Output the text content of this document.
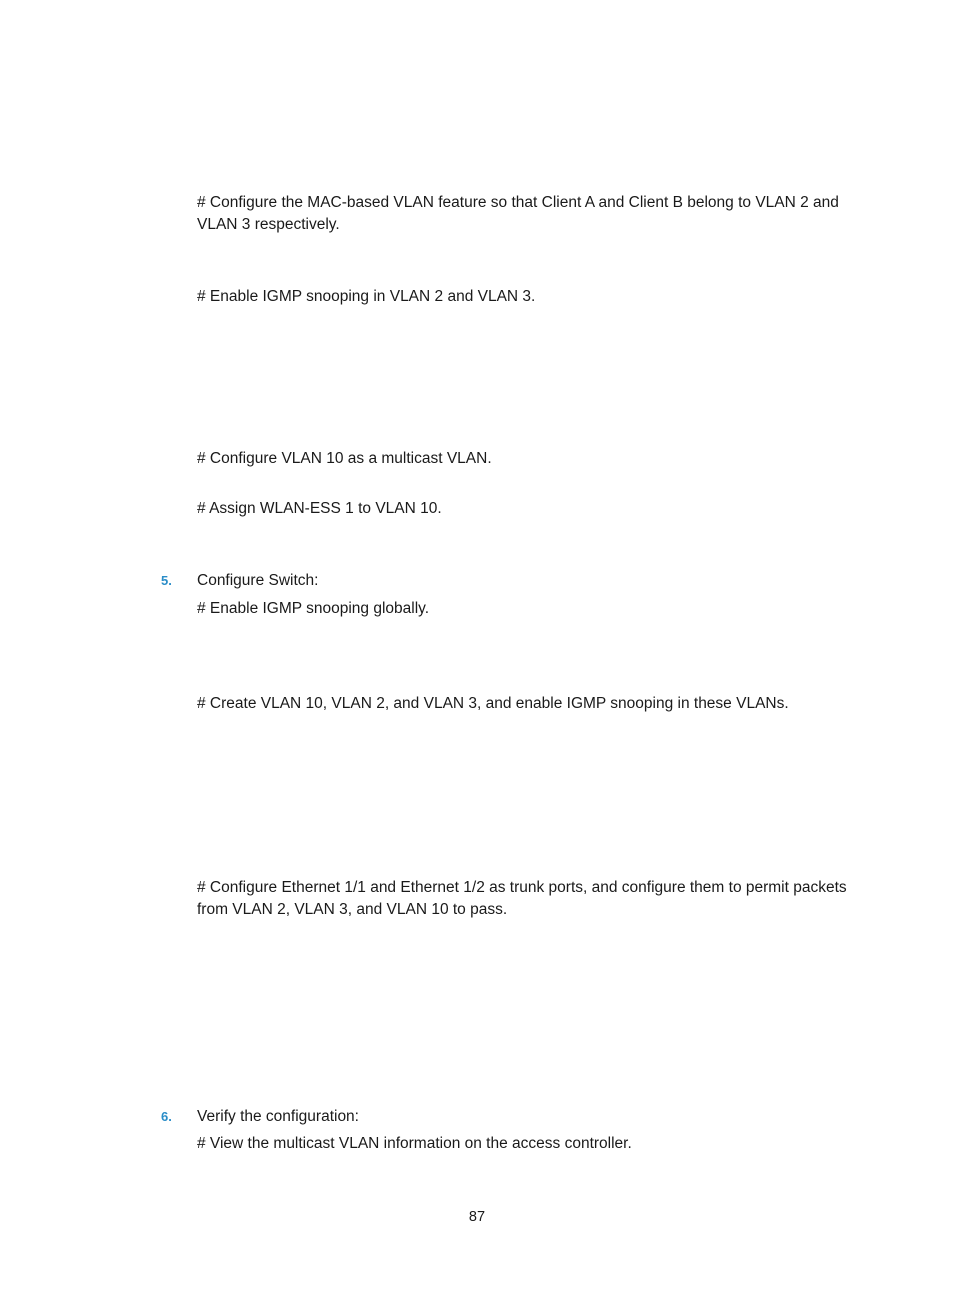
# Configure the MAC-based VLAN feature so that Client A and Client B belong to VLAN 2 and VLAN 3 respectively.

# Enable IGMP snooping in VLAN 2 and VLAN 3.

# Configure VLAN 10 as a multicast VLAN.

# Assign WLAN-ESS 1 to VLAN 10.

5. Configure Switch:

# Enable IGMP snooping globally.

# Create VLAN 10, VLAN 2, and VLAN 3, and enable IGMP snooping in these VLANs.

# Configure Ethernet 1/1 and Ethernet 1/2 as trunk ports, and configure them to permit packets from VLAN 2, VLAN 3, and VLAN 10 to pass.

6. Verify the configuration:

# View the multicast VLAN information on the access controller.

87
